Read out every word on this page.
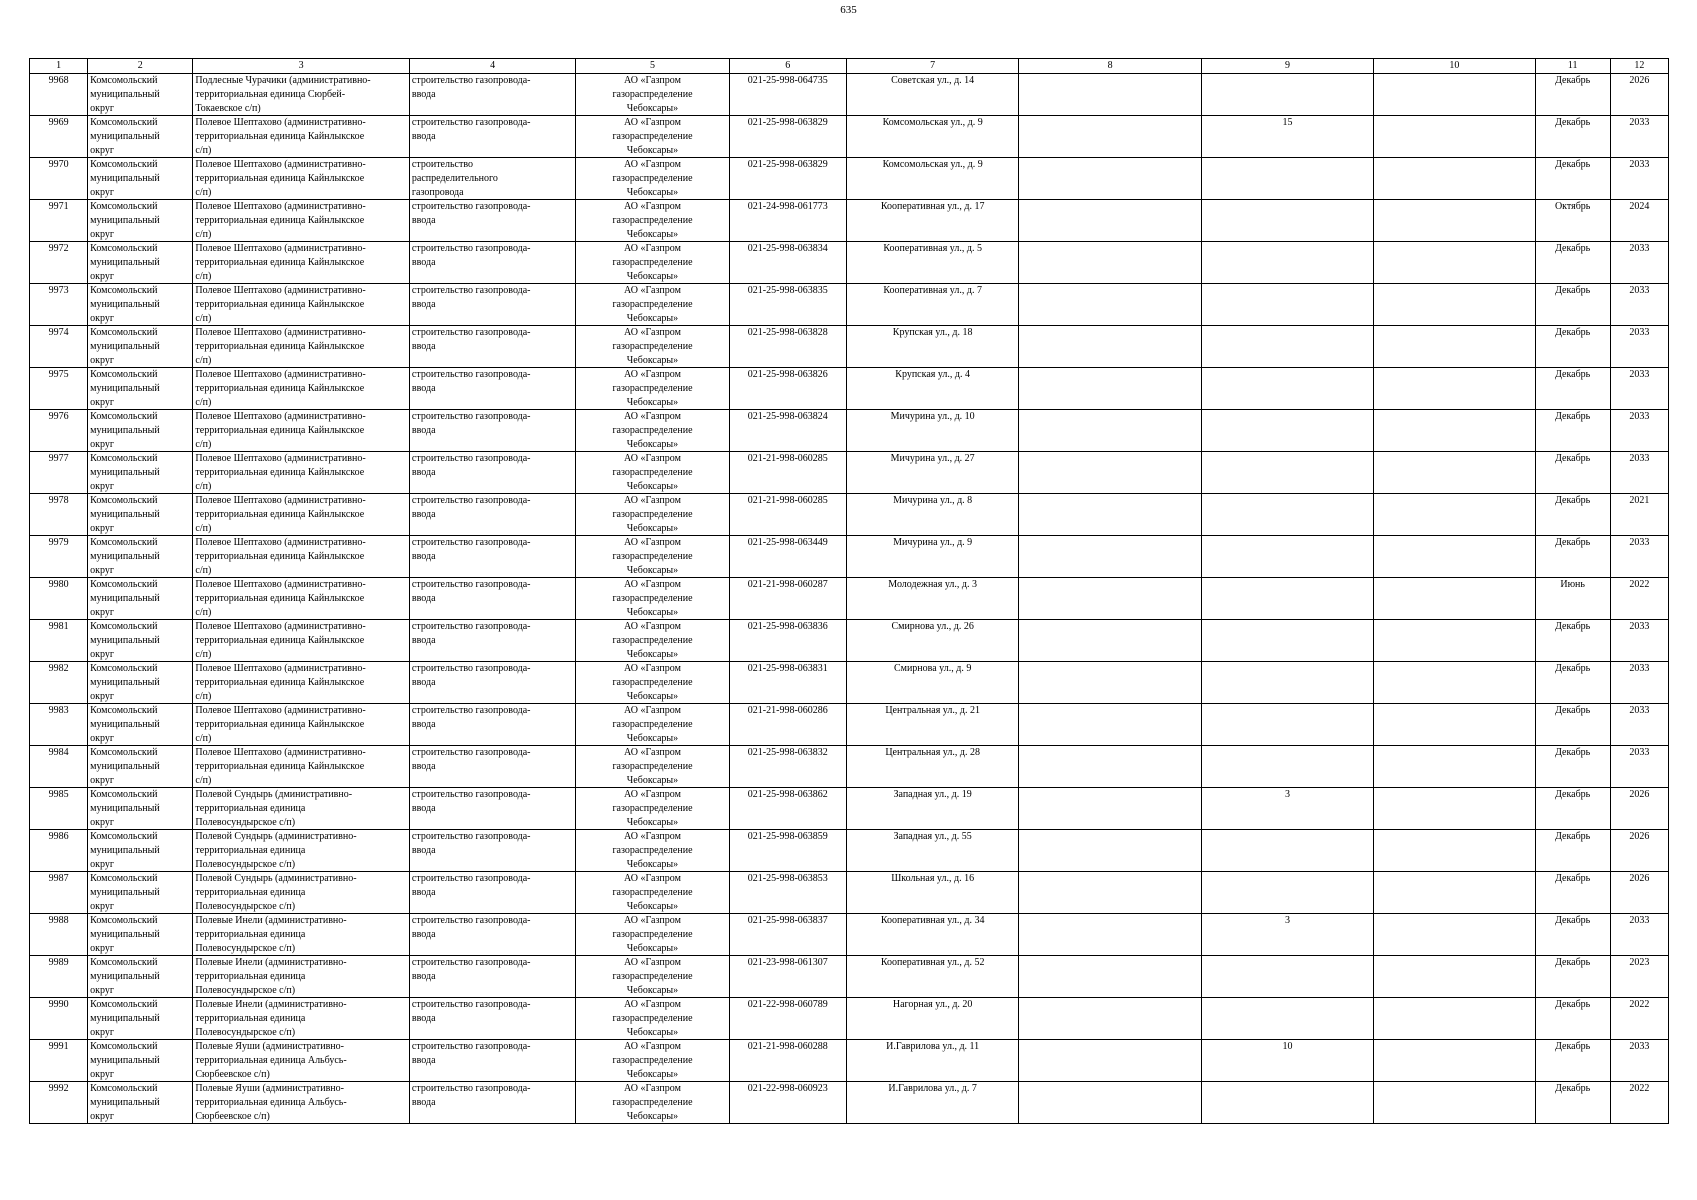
635
1	2	3	4	5	6	7	8	9	10	11	12

9968	Комсомольский
муниципальный
округ	Подлесные Чурачики (административно-
территориальная единица Сюрбей-
Токаевское с/п)	строительство газопровода-
ввода	АО «Газпром
газораспределение
Чебоксары»	021-25-998-064735	Советская ул., д. 14				Декабрь	2026

9969	Комсомольский
муниципальный
округ	Полевое Шептахово (административно-
территориальная единица Кайнлыкское
с/п)	строительство газопровода-
ввода	АО «Газпром
газораспределение
Чебоксары»	021-25-998-063829	Комсомольская ул., д. 9		15		Декабрь	2033

9970	Комсомольский
муниципальный
округ	Полевое Шептахово (административно-
территориальная единица Кайнлыкское
с/п)	строительство
распределительного
газопровода	АО «Газпром
газораспределение
Чебоксары»	021-25-998-063829	Комсомольская ул., д. 9				Декабрь	2033

9971	Комсомольский
муниципальный
округ	Полевое Шептахово (административно-
территориальная единица Кайнлыкское
с/п)	строительство газопровода-
ввода	АО «Газпром
газораспределение
Чебоксары»	021-24-998-061773	Кооперативная ул., д. 17				Октябрь	2024

9972	Комсомольский
муниципальный
округ	Полевое Шептахово (административно-
территориальная единица Кайнлыкское
с/п)	строительство газопровода-
ввода	АО «Газпром
газораспределение
Чебоксары»	021-25-998-063834	Кооперативная ул., д. 5				Декабрь	2033

9973	Комсомольский
муниципальный
округ	Полевое Шептахово (административно-
территориальная единица Кайнлыкское
с/п)	строительство газопровода-
ввода	АО «Газпром
газораспределение
Чебоксары»	021-25-998-063835	Кооперативная ул., д. 7				Декабрь	2033

9974	Комсомольский
муниципальный
округ	Полевое Шептахово (административно-
территориальная единица Кайнлыкское
с/п)	строительство газопровода-
ввода	АО «Газпром
газораспределение
Чебоксары»	021-25-998-063828	Крупская ул., д. 18				Декабрь	2033

9975	Комсомольский
муниципальный
округ	Полевое Шептахово (административно-
территориальная единица Кайнлыкское
с/п)	строительство газопровода-
ввода	АО «Газпром
газораспределение
Чебоксары»	021-25-998-063826	Крупская ул., д. 4				Декабрь	2033

9976	Комсомольский
муниципальный
округ	Полевое Шептахово (административно-
территориальная единица Кайнлыкское
с/п)	строительство газопровода-
ввода	АО «Газпром
газораспределение
Чебоксары»	021-25-998-063824	Мичурина ул., д. 10				Декабрь	2033

9977	Комсомольский
муниципальный
округ	Полевое Шептахово (административно-
территориальная единица Кайнлыкское
с/п)	строительство газопровода-
ввода	АО «Газпром
газораспределение
Чебоксары»	021-21-998-060285	Мичурина ул., д. 27				Декабрь	2033

9978	Комсомольский
муниципальный
округ	Полевое Шептахово (административно-
территориальная единица Кайнлыкское
с/п)	строительство газопровода-
ввода	АО «Газпром
газораспределение
Чебоксары»	021-21-998-060285	Мичурина ул., д. 8				Декабрь	2021

9979	Комсомольский
муниципальный
округ	Полевое Шептахово (административно-
территориальная единица Кайнлыкское
с/п)	строительство газопровода-
ввода	АО «Газпром
газораспределение
Чебоксары»	021-25-998-063449	Мичурина ул., д. 9				Декабрь	2033

9980	Комсомольский
муниципальный
округ	Полевое Шептахово (административно-
территориальная единица Кайнлыкское
с/п)	строительство газопровода-
ввода	АО «Газпром
газораспределение
Чебоксары»	021-21-998-060287	Молодежная ул., д. 3				Июнь	2022

9981	Комсомольский
муниципальный
округ	Полевое Шептахово (административно-
территориальная единица Кайнлыкское
с/п)	строительство газопровода-
ввода	АО «Газпром
газораспределение
Чебоксары»	021-25-998-063836	Смирнова ул., д. 26				Декабрь	2033

9982	Комсомольский
муниципальный
округ	Полевое Шептахово (административно-
территориальная единица Кайнлыкское
с/п)	строительство газопровода-
ввода	АО «Газпром
газораспределение
Чебоксары»	021-25-998-063831	Смирнова ул., д. 9				Декабрь	2033

9983	Комсомольский
муниципальный
округ	Полевое Шептахово (административно-
территориальная единица Кайнлыкское
с/п)	строительство газопровода-
ввода	АО «Газпром
газораспределение
Чебоксары»	021-21-998-060286	Центральная ул., д. 21				Декабрь	2033

9984	Комсомольский
муниципальный
округ	Полевое Шептахово (административно-
территориальная единица Кайнлыкское
с/п)	строительство газопровода-
ввода	АО «Газпром
газораспределение
Чебоксары»	021-25-998-063832	Центральная ул., д. 28				Декабрь	2033

9985	Комсомольский
муниципальный
округ	Полевой Сундырь (дминистративно-
территориальная единица
Полевосундырское с/п)	строительство газопровода-
ввода	АО «Газпром
газораспределение
Чебоксары»	021-25-998-063862	Западная ул., д. 19		3		Декабрь	2026

9986	Комсомольский
муниципальный
округ	Полевой Сундырь (административно-
территориальная единица
Полевосундырское с/п)	строительство газопровода-
ввода	АО «Газпром
газораспределение
Чебоксары»	021-25-998-063859	Западная ул., д. 55				Декабрь	2026

9987	Комсомольский
муниципальный
округ	Полевой Сундырь (административно-
территориальная единица
Полевосундырское с/п)	строительство газопровода-
ввода	АО «Газпром
газораспределение
Чебоксары»	021-25-998-063853	Школьная ул., д. 16				Декабрь	2026

9988	Комсомольский
муниципальный
округ	Полевые Инели (административно-
территориальная единица
Полевосундырское с/п)	строительство газопровода-
ввода	АО «Газпром
газораспределение
Чебоксары»	021-25-998-063837	Кооперативная ул., д. 34		3		Декабрь	2033

9989	Комсомольский
муниципальный
округ	Полевые Инели (административно-
территориальная единица
Полевосундырское с/п)	строительство газопровода-
ввода	АО «Газпром
газораспределение
Чебоксары»	021-23-998-061307	Кооперативная ул., д. 52				Декабрь	2023

9990	Комсомольский
муниципальный
округ	Полевые Инели (административно-
территориальная единица
Полевосундырское с/п)	строительство газопровода-
ввода	АО «Газпром
газораспределение
Чебоксары»	021-22-998-060789	Нагорная ул., д. 20				Декабрь	2022

9991	Комсомольский
муниципальный
округ	Полевые Яуши (административно-
территориальная единица Альбусь-
Сюрбеевское с/п)	строительство газопровода-
ввода	АО «Газпром
газораспределение
Чебоксары»	021-21-998-060288	И.Гаврилова ул., д. 11		10		Декабрь	2033

9992	Комсомольский
муниципальный
округ	Полевые Яуши (административно-
территориальная единица Альбусь-
Сюрбеевское с/п)	строительство газопровода-
ввода	АО «Газпром
газораспределение
Чебоксары»	021-22-998-060923	И.Гаврилова ул., д. 7				Декабрь	2022
